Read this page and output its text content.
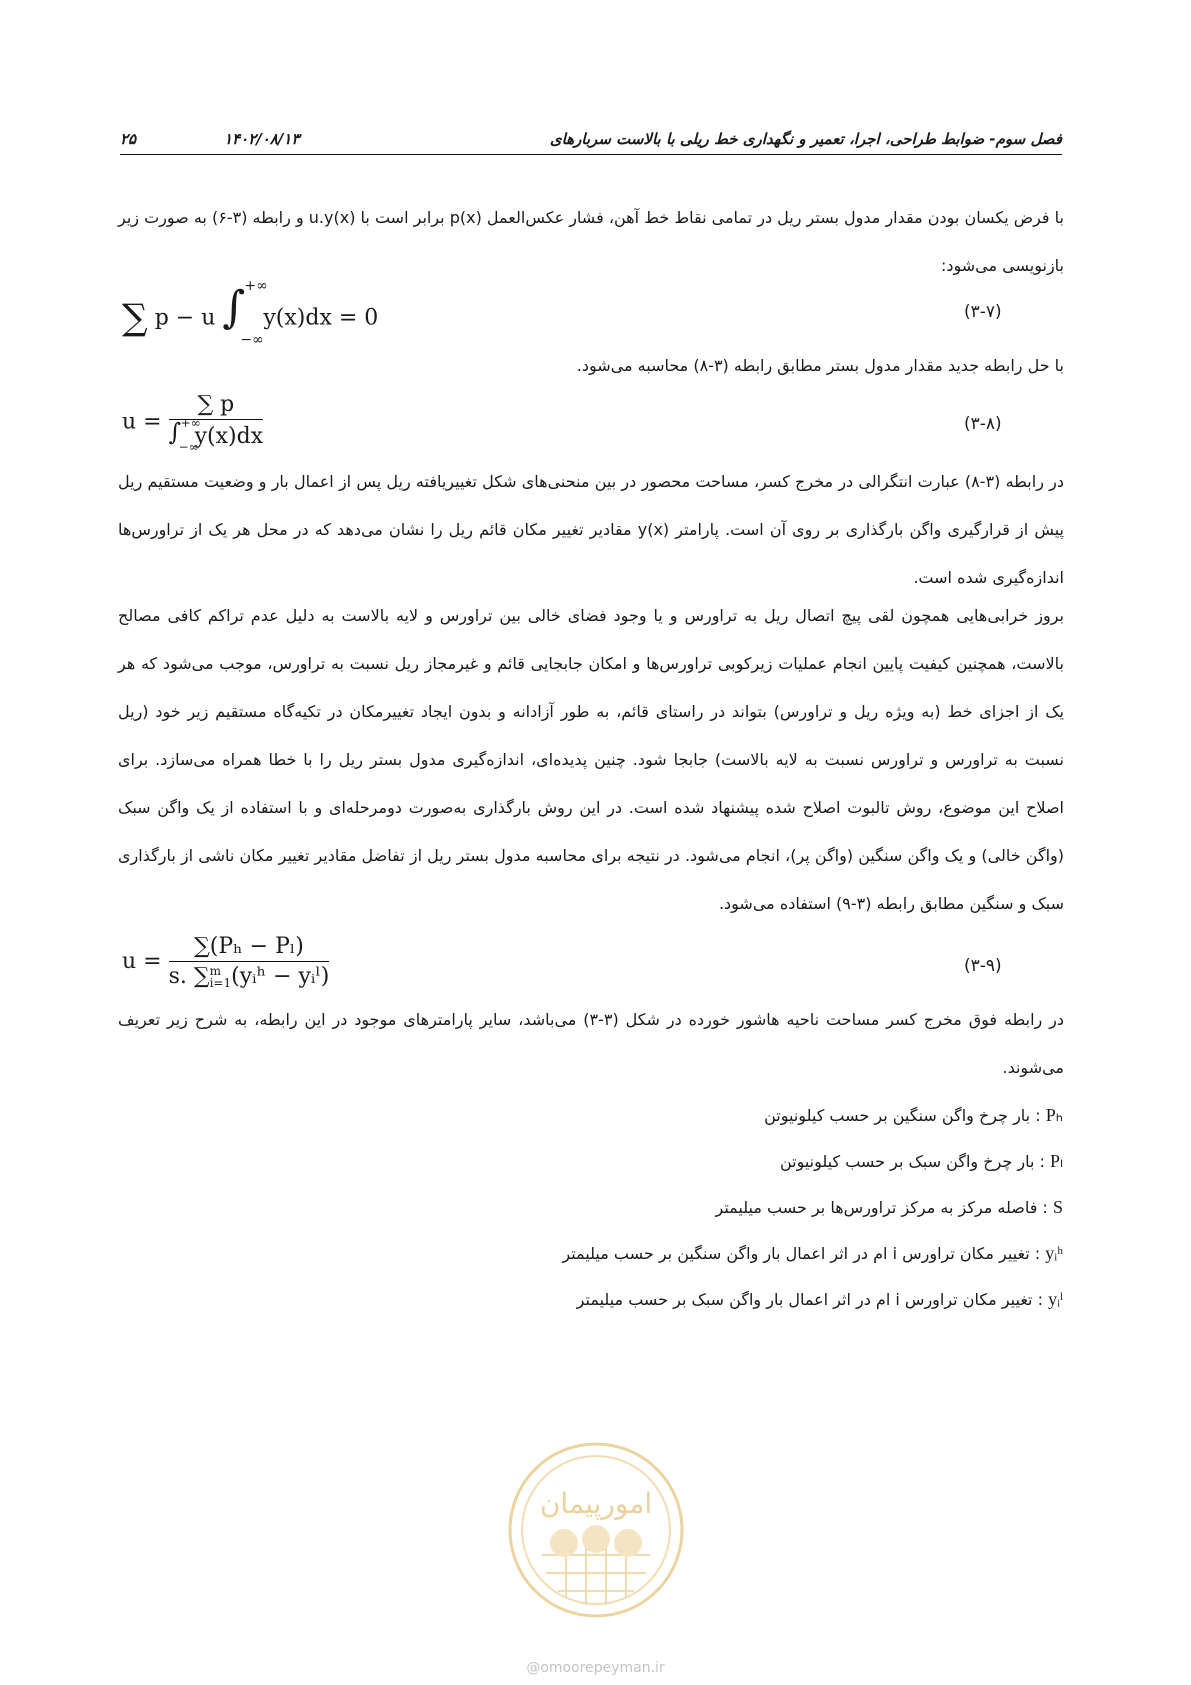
۲۵	۱۴۰۲/۰۸/۱۳	فصل سوم- ضوابط طراحی، اجرا، تعمیر و نگهداری خط ریلی با بالاست سربارهای
با فرض یکسان بودن مقدار مدول بستر ریل در تمامی نقاط خط آهن، فشار عکس‌العمل p(x) برابر است با u.y(x) و رابطه (۳-۶) به صورت زیر بازنویسی می‌شود:
∑ p − u ∫ +∞
−∞
y(x)dx = 0	(۳-۷)
با حل رابطه جدید مقدار مدول بستر مطابق رابطه (۳-۸) محاسبه می‌شود.
u = ∑ p
∫ +∞
−∞
y(x)dx	(۳-۸)
در رابطه (۳-۸) عبارت انتگرالی در مخرج کسر، مساحت محصور در بین منحنی‌های شکل تغییریافته ریل پس از اعمال بار و وضعیت مستقیم ریل پیش از قرارگیری واگن بارگذاری بر روی آن است. پارامتر y(x) مقادیر تغییر مکان قائم ریل را نشان می‌دهد که در محل هر یک از تراورس‌ها اندازه‌گیری شده است.
بروز خرابی‌هایی همچون لقی پیچ اتصال ریل به تراورس و یا وجود فضای خالی بین تراورس و لایه بالاست به دلیل عدم تراکم کافی مصالح بالاست، همچنین کیفیت پایین انجام عملیات زیرکوبی تراورس‌ها و امکان جابجایی قائم و غیرمجاز ریل نسبت به تراورس، موجب می‌شود که هر یک از اجزای خط (به ویژه ریل و تراورس) بتواند در راستای قائم، به طور آزادانه و بدون ایجاد تغییرمکان در تکیه‌گاه مستقیم زیر خود (ریل نسبت به تراورس و تراورس نسبت به لایه بالاست) جابجا شود. چنین پدیده‌ای، اندازه‌گیری مدول بستر ریل را با خطا همراه می‌سازد. برای اصلاح این موضوع، روش تالبوت اصلاح شده پیشنهاد شده است. در این روش بارگذاری به‌صورت دومرحله‌ای و با استفاده از یک واگن سبک (واگن خالی) و یک واگن سنگین (واگن پر)، انجام می‌شود. در نتیجه برای محاسبه مدول بستر ریل از تفاضل مقادیر تغییر مکان ناشی از بارگذاری سبک و سنگین مطابق رابطه (۳-۹) استفاده می‌شود.
u = ∑(Pₕ − Pₗ)
s. ∑ m
i=1 (yᵢʰ − yᵢˡ)	(۳-۹)
در رابطه فوق مخرج کسر مساحت ناحیه هاشور خورده در شکل (۳-۳) می‌باشد، سایر پارامترهای موجود در این رابطه، به شرح زیر تعریف می‌شوند.
Pₕ : بار چرخ واگن سنگین بر حسب کیلونیوتن
Pₗ : بار چرخ واگن سبک بر حسب کیلونیوتن
S : فاصله مرکز به مرکز تراورس‌ها بر حسب میلیمتر
yᵢʰ : تغییر مکان تراورس i ام در اثر اعمال بار واگن سنگین بر حسب میلیمتر
yᵢˡ : تغییر مکان تراورس i ام در اثر اعمال بار واگن سبک بر حسب میلیمتر
امورپیمان
@omoorepeyman.ir
